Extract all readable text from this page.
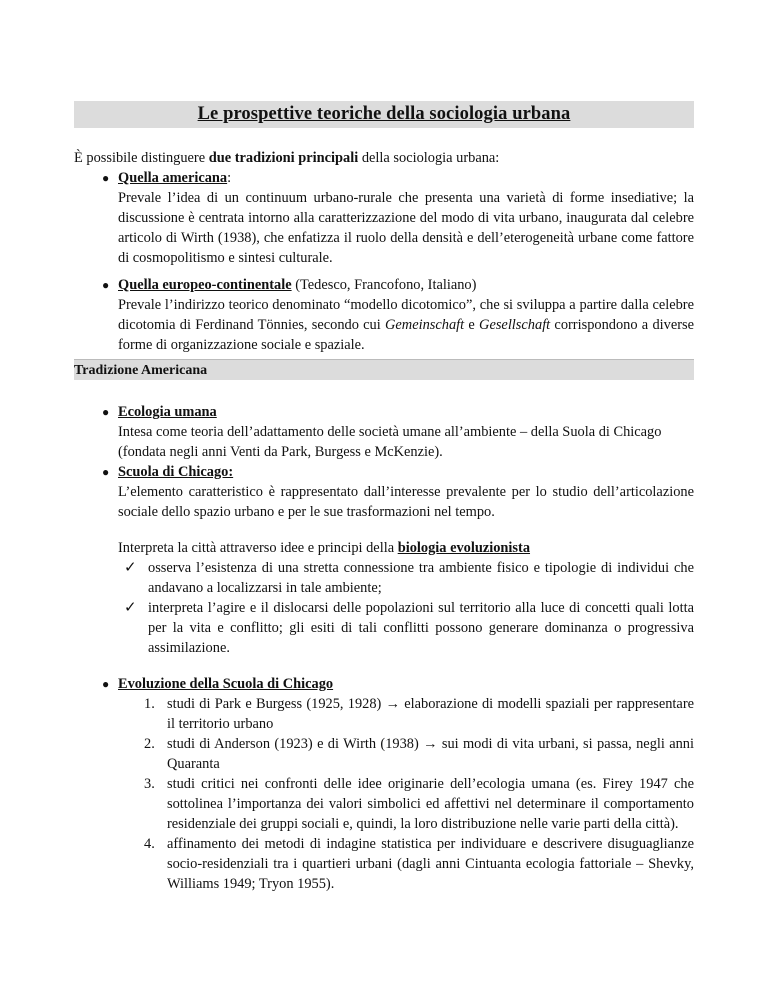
Le prospettive teoriche della sociologia urbana
È possibile distinguere due tradizioni principali della sociologia urbana:
● Quella americana:
Prevale l’idea di un continuum urbano-rurale che presenta una varietà di forme insediative; la discussione è centrata intorno alla caratterizzazione del modo di vita urbano, inaugurata dal celebre articolo di Wirth (1938), che enfatizza il ruolo della densità e dell’eterogeneità urbane come fattore di cosmopolitismo e sintesi culturale.
● Quella europeo-continentale (Tedesco, Francofono, Italiano)
Prevale l’indirizzo teorico denominato “modello dicotomico”, che si sviluppa a partire dalla celebre dicotomia di Ferdinand Tönnies, secondo cui Gemeinschaft e Gesellschaft corrispondono a diverse forme di organizzazione sociale e spaziale.
Tradizione Americana
● Ecologia umana
Intesa come teoria dell’adattamento delle società umane all’ambiente – della Suola di Chicago (fondata negli anni Venti da Park, Burgess e McKenzie).
● Scuola di Chicago:
L’elemento caratteristico è rappresentato dall’interesse prevalente per lo studio dell’articolazione sociale dello spazio urbano e per le sue trasformazioni nel tempo.
Interpreta la città attraverso idee e principi della biologia evoluzionista
✓ osserva l’esistenza di una stretta connessione tra ambiente fisico e tipologie di individui che andavano a localizzarsi in tale ambiente;
✓ interpreta l’agire e il dislocarsi delle popolazioni sul territorio alla luce di concetti quali lotta per la vita e conflitto; gli esiti di tali conflitti possono generare dominanza o progressiva assimilazione.
● Evoluzione della Scuola di Chicago
1. studi di Park e Burgess (1925, 1928) → elaborazione di modelli spaziali per rappresentare il territorio urbano
2. studi di Anderson (1923) e di Wirth (1938) → sui modi di vita urbani, si passa, negli anni Quaranta
3. studi critici nei confronti delle idee originarie dell’ecologia umana (es. Firey 1947 che sottolinea l’importanza dei valori simbolici ed affettivi nel determinare il comportamento residenziale dei gruppi sociali e, quindi, la loro distribuzione nelle varie parti della città).
4. affinamento dei metodi di indagine statistica per individuare e descrivere disuguaglianze socio-residenziali tra i quartieri urbani (dagli anni Cintuanta ecologia fattoriale – Shevky, Williams 1949; Tryon 1955).
